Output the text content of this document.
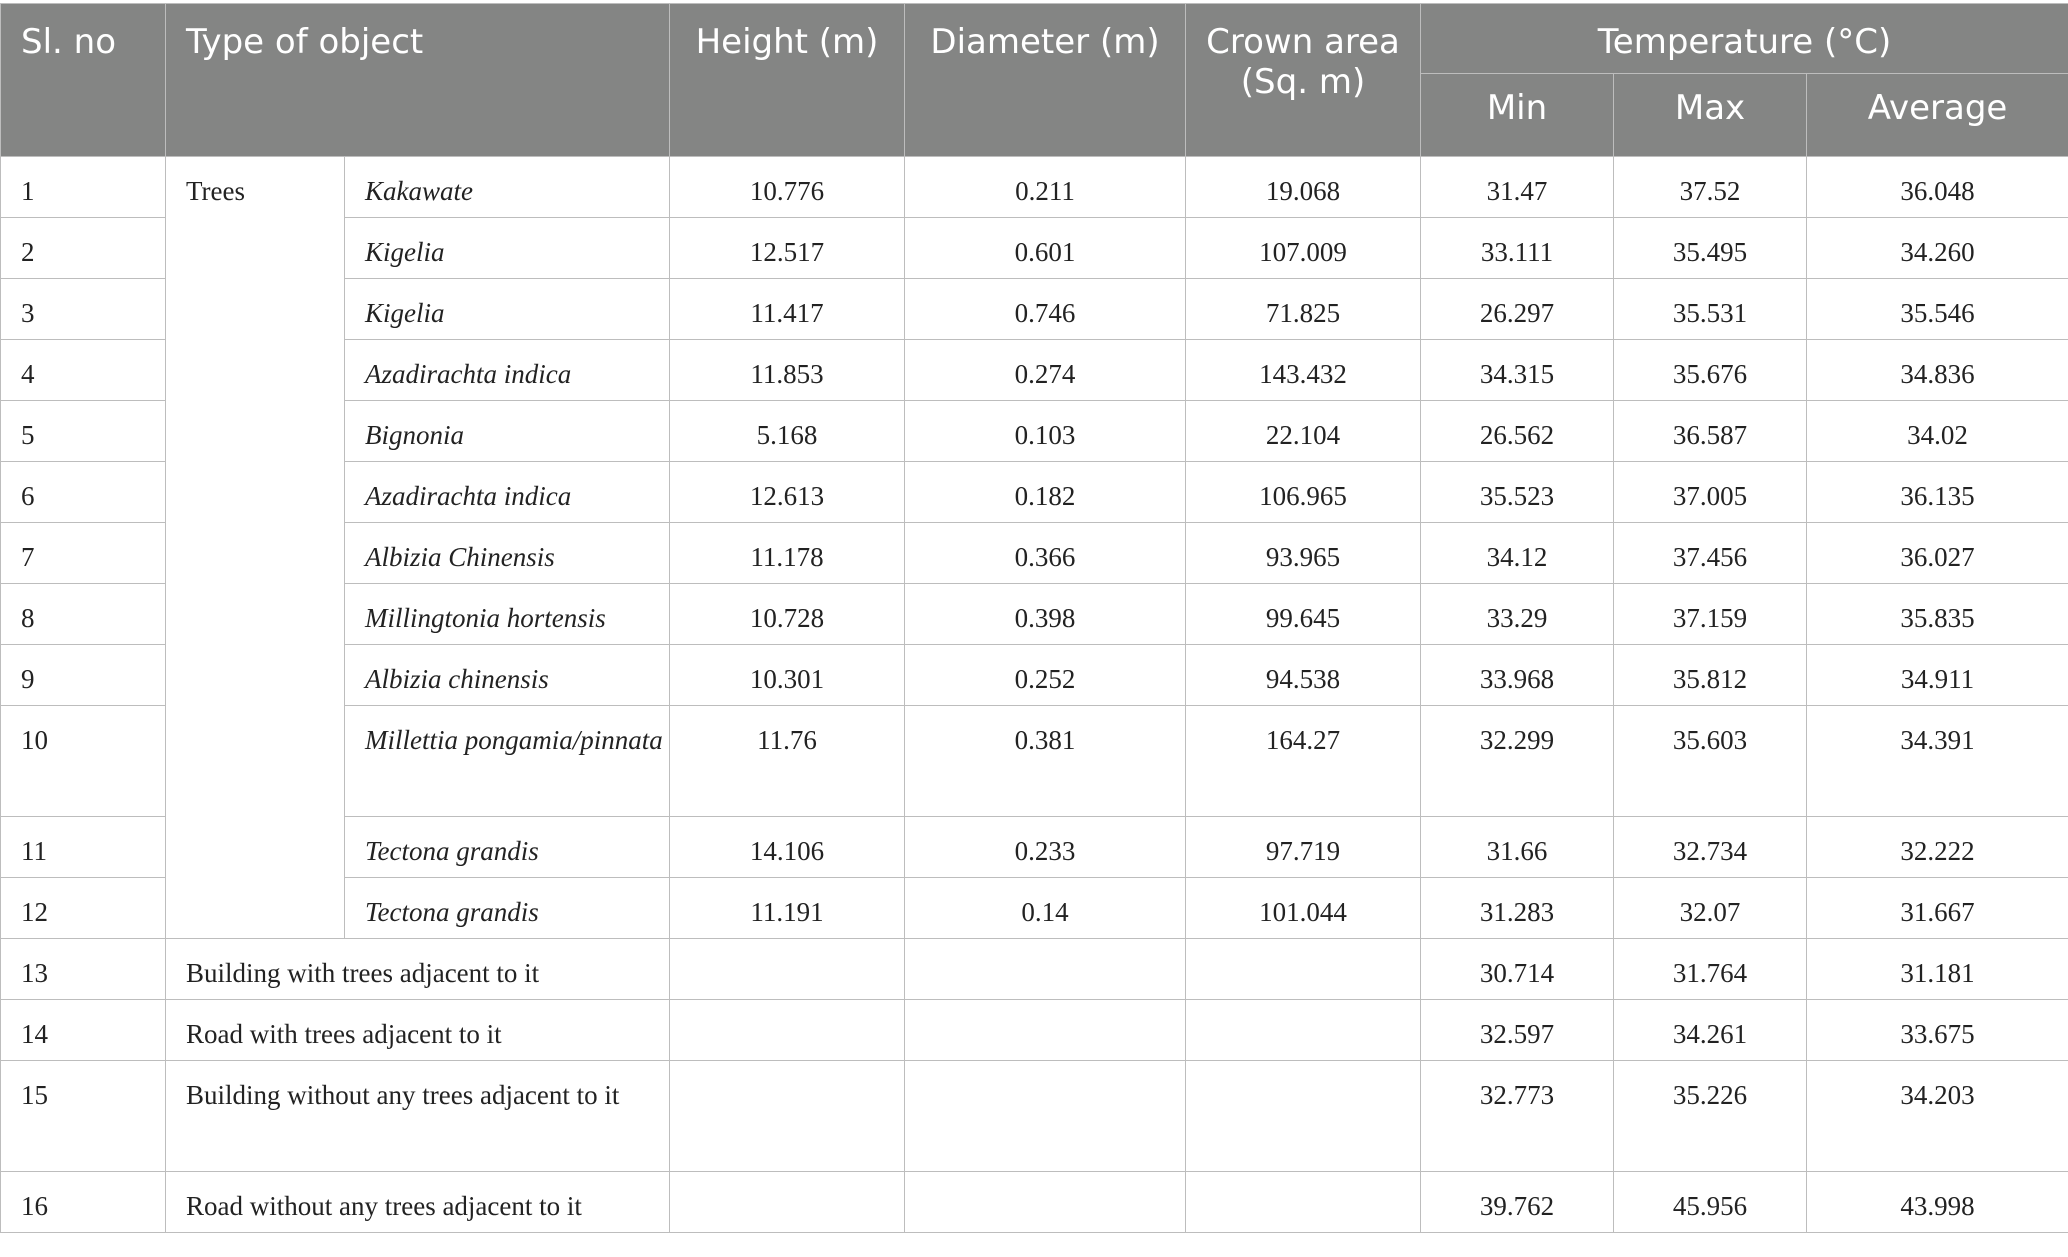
Sl. no	Type of object		Height (m)	Diameter (m)	Crown area (Sq. m)	Temperature (°C)		
						Min	Max	Average
1	Trees	Kakawate	10.776	0.211	19.068	31.47	37.52	36.048
2		Kigelia	12.517	0.601	107.009	33.111	35.495	34.260
3		Kigelia	11.417	0.746	71.825	26.297	35.531	35.546
4		Azadirachta indica	11.853	0.274	143.432	34.315	35.676	34.836
5		Bignonia	5.168	0.103	22.104	26.562	36.587	34.02
6		Azadirachta indica	12.613	0.182	106.965	35.523	37.005	36.135
7		Albizia Chinensis	11.178	0.366	93.965	34.12	37.456	36.027
8		Millingtonia hortensis	10.728	0.398	99.645	33.29	37.159	35.835
9		Albizia chinensis	10.301	0.252	94.538	33.968	35.812	34.911
10		Millettia pongamia/pinnata	11.76	0.381	164.27	32.299	35.603	34.391
11		Tectona grandis	14.106	0.233	97.719	31.66	32.734	32.222
12		Tectona grandis	11.191	0.14	101.044	31.283	32.07	31.667
13	Building with trees adjacent to it					30.714	31.764	31.181
14	Road with trees adjacent to it					32.597	34.261	33.675
15	Building without any trees adjacent to it					32.773	35.226	34.203
16	Road without any trees adjacent to it					39.762	45.956	43.998
